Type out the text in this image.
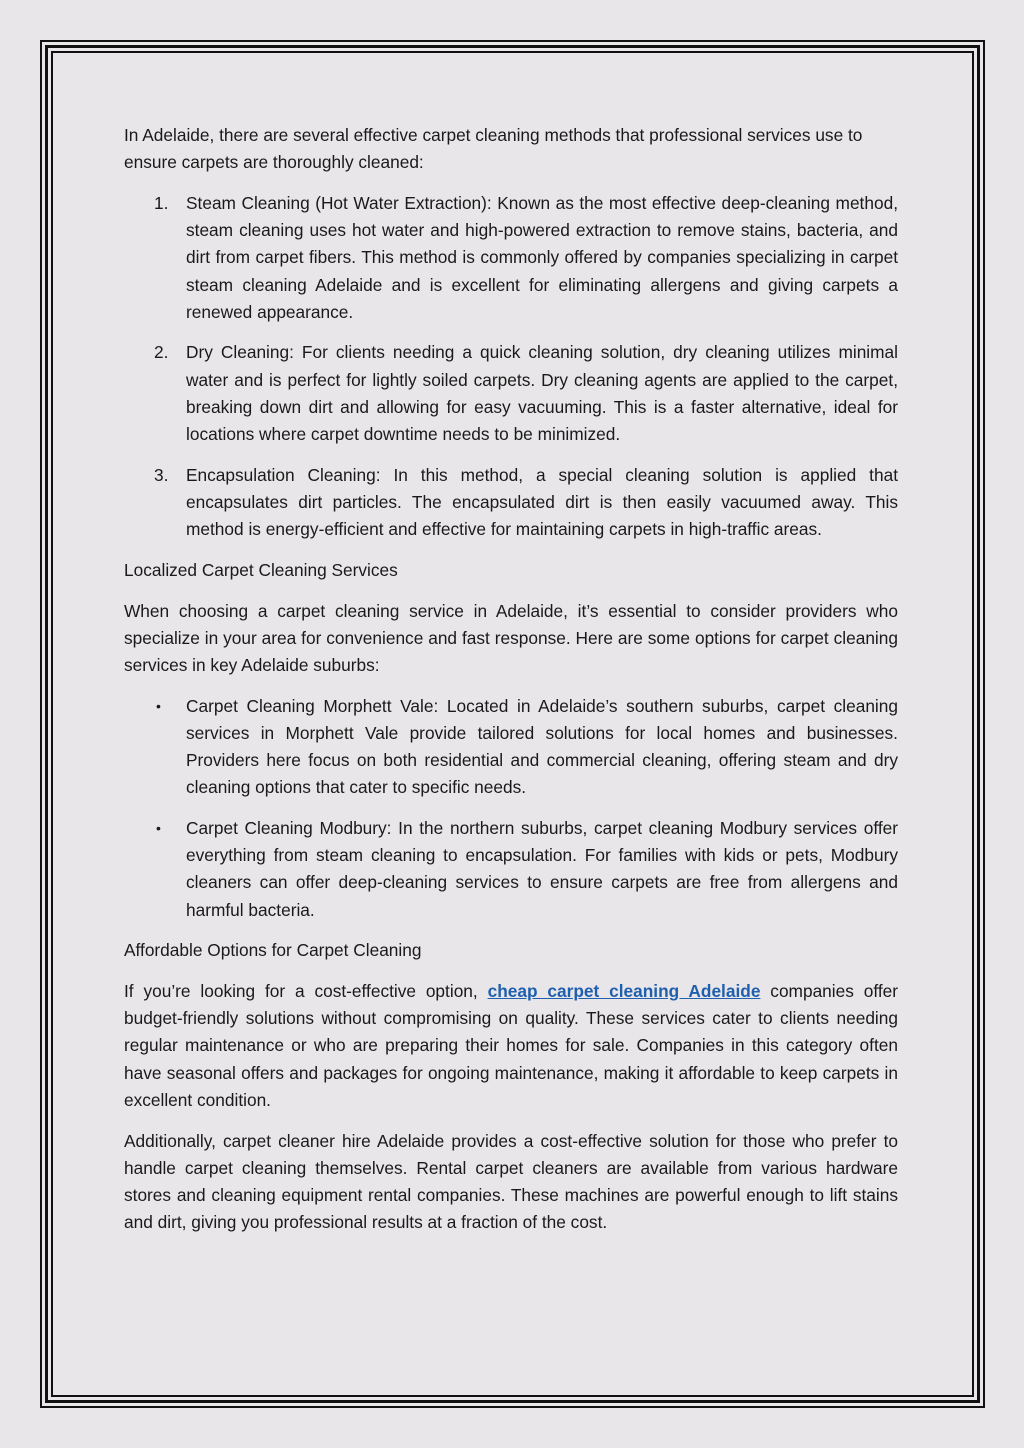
In Adelaide, there are several effective carpet cleaning methods that professional services use to ensure carpets are thoroughly cleaned:

1. Steam Cleaning (Hot Water Extraction): Known as the most effective deep-cleaning method, steam cleaning uses hot water and high-powered extraction to remove stains, bacteria, and dirt from carpet fibers. This method is commonly offered by companies specializing in carpet steam cleaning Adelaide and is excellent for eliminating allergens and giving carpets a renewed appearance.
2. Dry Cleaning: For clients needing a quick cleaning solution, dry cleaning utilizes minimal water and is perfect for lightly soiled carpets. Dry cleaning agents are applied to the carpet, breaking down dirt and allowing for easy vacuuming. This is a faster alternative, ideal for locations where carpet downtime needs to be minimized.
3. Encapsulation Cleaning: In this method, a special cleaning solution is applied that encapsulates dirt particles. The encapsulated dirt is then easily vacuumed away. This method is energy-efficient and effective for maintaining carpets in high-traffic areas.

Localized Carpet Cleaning Services

When choosing a carpet cleaning service in Adelaide, it’s essential to consider providers who specialize in your area for convenience and fast response. Here are some options for carpet cleaning services in key Adelaide suburbs:

• Carpet Cleaning Morphett Vale: Located in Adelaide’s southern suburbs, carpet cleaning services in Morphett Vale provide tailored solutions for local homes and businesses. Providers here focus on both residential and commercial cleaning, offering steam and dry cleaning options that cater to specific needs.
• Carpet Cleaning Modbury: In the northern suburbs, carpet cleaning Modbury services offer everything from steam cleaning to encapsulation. For families with kids or pets, Modbury cleaners can offer deep-cleaning services to ensure carpets are free from allergens and harmful bacteria.

Affordable Options for Carpet Cleaning

If you’re looking for a cost-effective option, cheap carpet cleaning Adelaide companies offer budget-friendly solutions without compromising on quality. These services cater to clients needing regular maintenance or who are preparing their homes for sale. Companies in this category often have seasonal offers and packages for ongoing maintenance, making it affordable to keep carpets in excellent condition.

Additionally, carpet cleaner hire Adelaide provides a cost-effective solution for those who prefer to handle carpet cleaning themselves. Rental carpet cleaners are available from various hardware stores and cleaning equipment rental companies. These machines are powerful enough to lift stains and dirt, giving you professional results at a fraction of the cost.
